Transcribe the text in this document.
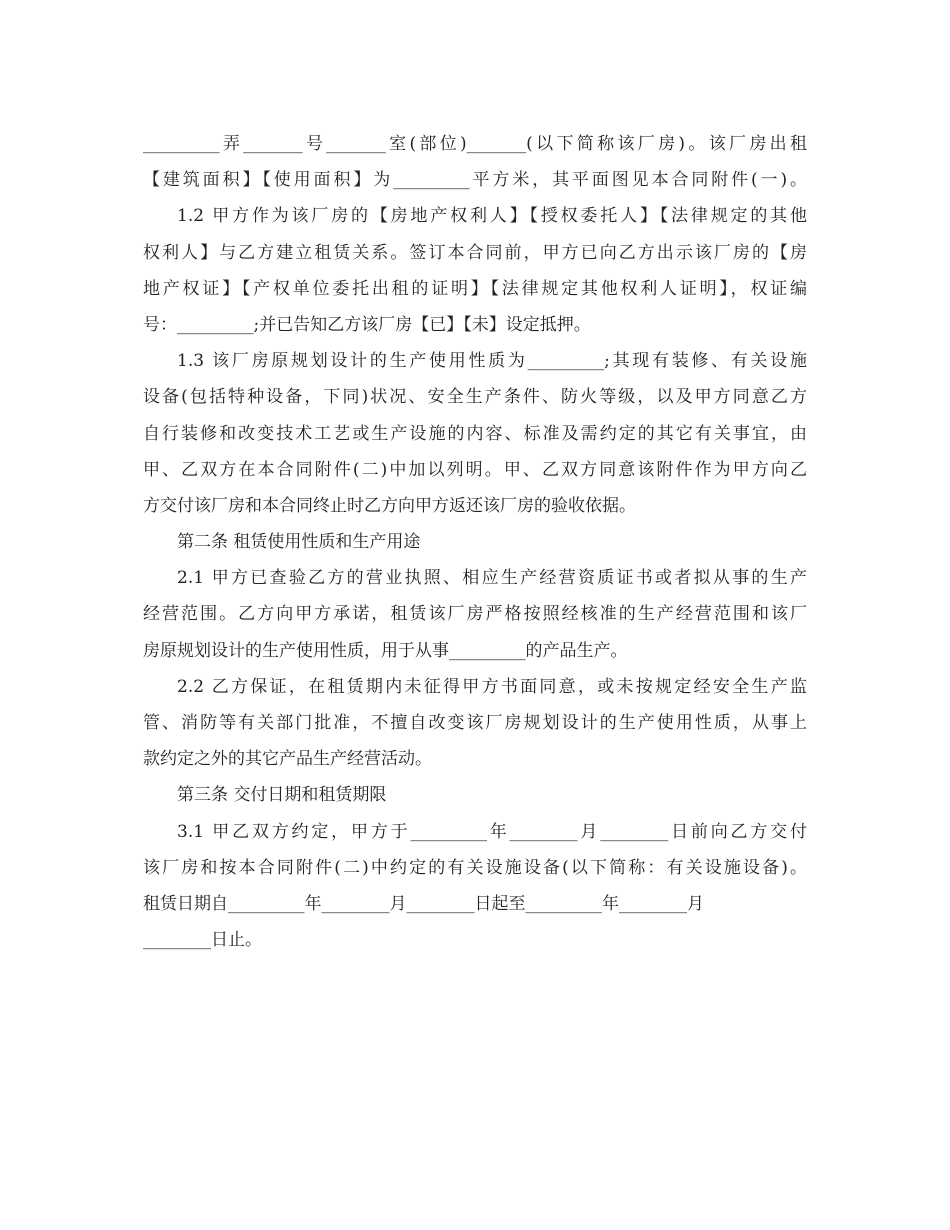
_________弄_______号_______室(部位)_______(以下简称该厂房)。该厂房出租
【建筑面积】【使用面积】为_________平方米，其平面图见本合同附件(一)。
1.2 甲方作为该厂房的【房地产权利人】【授权委托人】【法律规定的其他
权利人】与乙方建立租赁关系。签订本合同前，甲方已向乙方出示该厂房的【房
地产权证】【产权单位委托出租的证明】【法律规定其他权利人证明】，权证编
号：_________;并已告知乙方该厂房【已】【未】设定抵押。
1.3 该厂房原规划设计的生产使用性质为_________;其现有装修、有关设施
设备(包括特种设备，下同)状况、安全生产条件、防火等级，以及甲方同意乙方
自行装修和改变技术工艺或生产设施的内容、标准及需约定的其它有关事宜，由
甲、乙双方在本合同附件(二)中加以列明。甲、乙双方同意该附件作为甲方向乙
方交付该厂房和本合同终止时乙方向甲方返还该厂房的验收依据。
第二条 租赁使用性质和生产用途
2.1 甲方已查验乙方的营业执照、相应生产经营资质证书或者拟从事的生产
经营范围。乙方向甲方承诺，租赁该厂房严格按照经核准的生产经营范围和该厂
房原规划设计的生产使用性质，用于从事_________的产品生产。
2.2 乙方保证，在租赁期内未征得甲方书面同意，或未按规定经安全生产监
管、消防等有关部门批准，不擅自改变该厂房规划设计的生产使用性质，从事上
款约定之外的其它产品生产经营活动。
第三条 交付日期和租赁期限
3.1 甲乙双方约定，甲方于_________年________月________日前向乙方交付
该厂房和按本合同附件(二)中约定的有关设施设备(以下简称：有关设施设备)。
租赁日期自_________年________月________日起至_________年________月
________日止。
